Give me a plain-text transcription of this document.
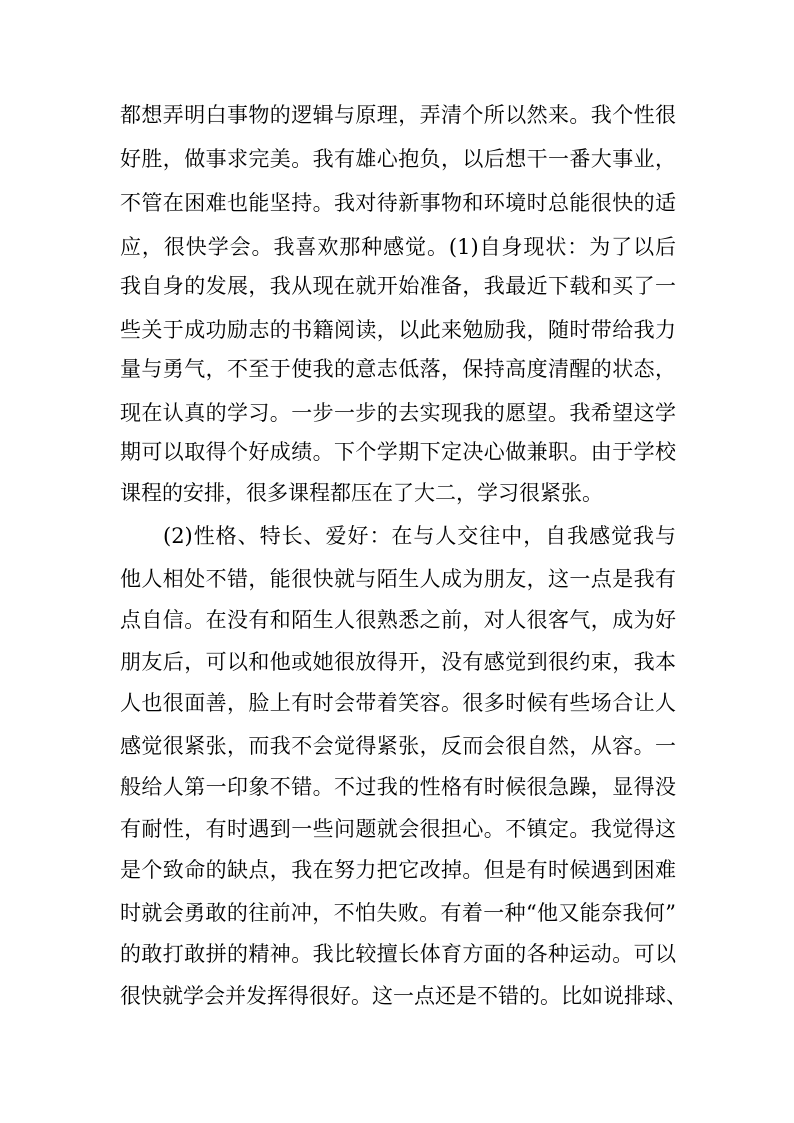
都想弄明白事物的逻辑与原理，弄清个所以然来。我个性很

好胜，做事求完美。我有雄心抱负，以后想干一番大事业，

不管在困难也能坚持。我对待新事物和环境时总能很快的适

应，很快学会。我喜欢那种感觉。(1)自身现状：为了以后

我自身的发展，我从现在就开始准备，我最近下载和买了一

些关于成功励志的书籍阅读，以此来勉励我，随时带给我力

量与勇气，不至于使我的意志低落，保持高度清醒的状态，

现在认真的学习。一步一步的去实现我的愿望。我希望这学

期可以取得个好成绩。下个学期下定决心做兼职。由于学校

课程的安排，很多课程都压在了大二，学习很紧张。

(2)性格、特长、爱好：在与人交往中，自我感觉我与

他人相处不错，能很快就与陌生人成为朋友，这一点是我有

点自信。在没有和陌生人很熟悉之前，对人很客气，成为好

朋友后，可以和他或她很放得开，没有感觉到很约束，我本

人也很面善，脸上有时会带着笑容。很多时候有些场合让人

感觉很紧张，而我不会觉得紧张，反而会很自然，从容。一

般给人第一印象不错。不过我的性格有时候很急躁，显得没

有耐性，有时遇到一些问题就会很担心。不镇定。我觉得这

是个致命的缺点，我在努力把它改掉。但是有时候遇到困难

时就会勇敢的往前冲，不怕失败。有着一种“他又能奈我何”

的敢打敢拼的精神。我比较擅长体育方面的各种运动。可以

很快就学会并发挥得很好。这一点还是不错的。比如说排球、
